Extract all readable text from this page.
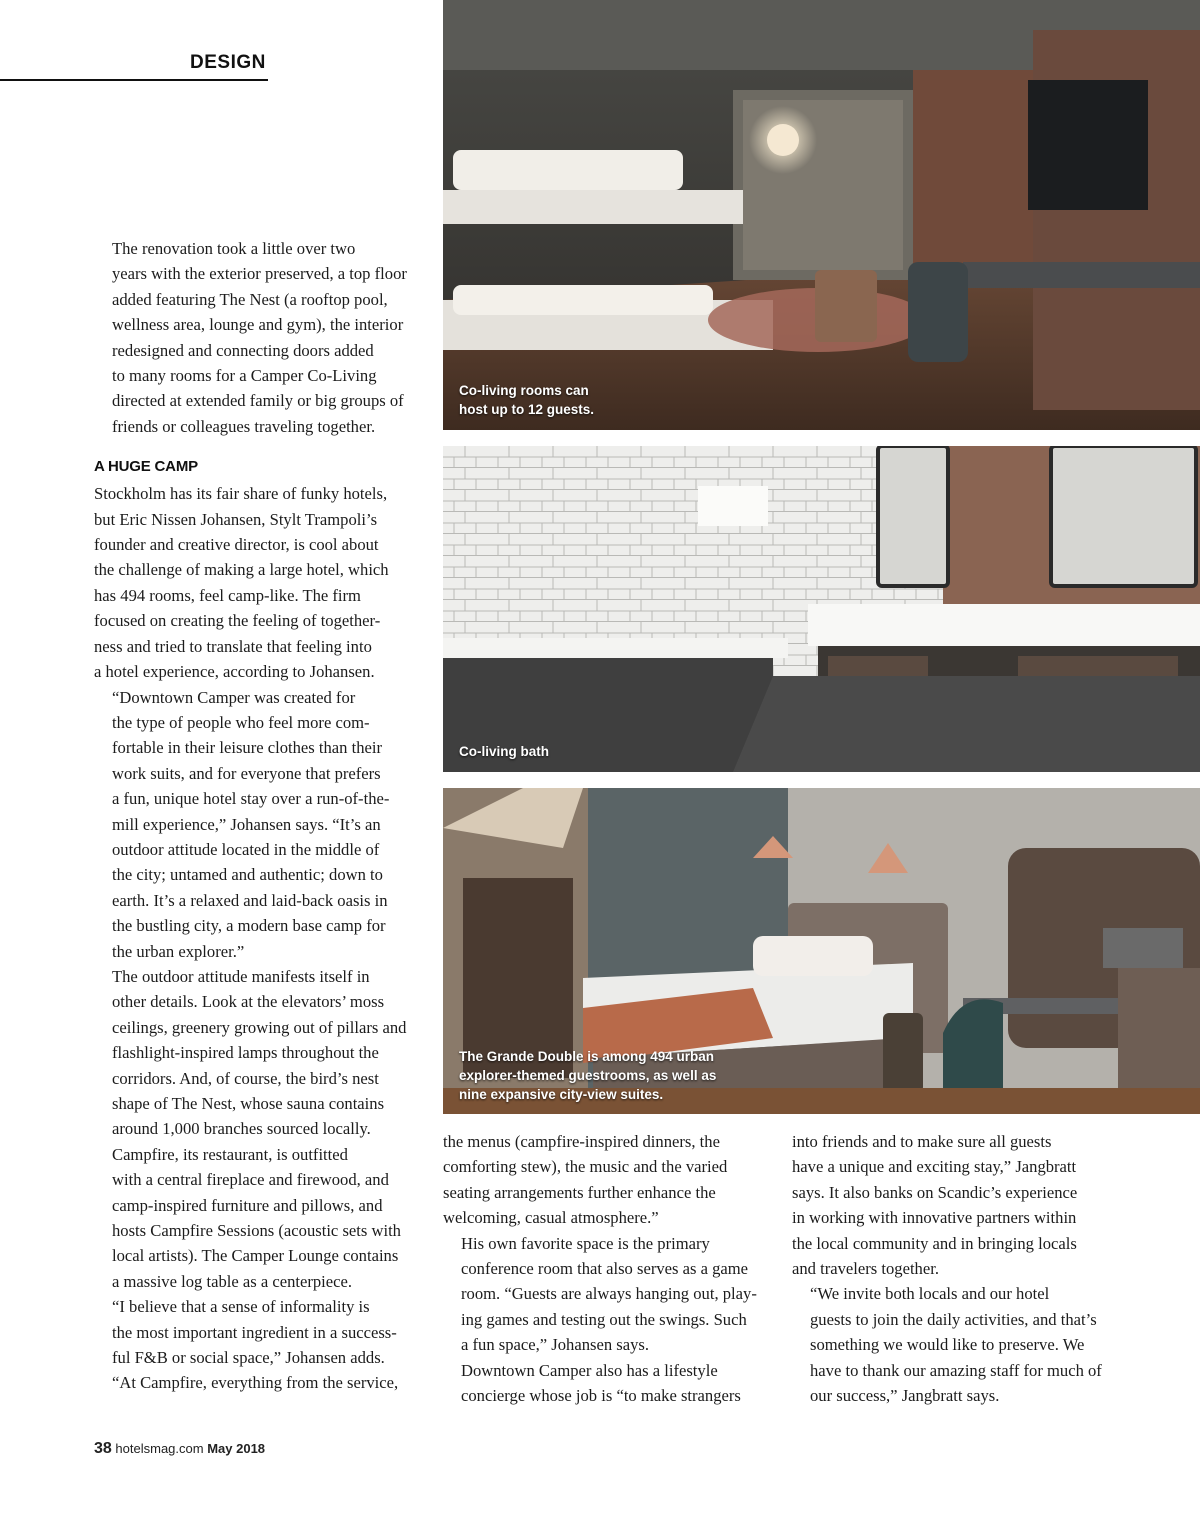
DESIGN

The renovation took a little over two
years with the exterior preserved, a top floor
added featuring The Nest (a rooftop pool,
wellness area, lounge and gym), the interior
redesigned and connecting doors added
to many rooms for a Camper Co-Living
directed at extended family or big groups of
friends or colleagues traveling together.

A HUGE CAMP

Stockholm has its fair share of funky hotels,
but Eric Nissen Johansen, Stylt Trampoli’s
founder and creative director, is cool about
the challenge of making a large hotel, which
has 494 rooms, feel camp-like. The firm
focused on creating the feeling of together-
ness and tried to translate that feeling into
a hotel experience, according to Johansen.

“Downtown Camper was created for
the type of people who feel more com-
fortable in their leisure clothes than their
work suits, and for everyone that prefers
a fun, unique hotel stay over a run-of-the-
mill experience,” Johansen says. “It’s an
outdoor attitude located in the middle of
the city; untamed and authentic; down to
earth. It’s a relaxed and laid-back oasis in
the bustling city, a modern base camp for
the urban explorer.”

The outdoor attitude manifests itself in
other details. Look at the elevators’ moss
ceilings, greenery growing out of pillars and
flashlight-inspired lamps throughout the
corridors. And, of course, the bird’s nest
shape of The Nest, whose sauna contains
around 1,000 branches sourced locally.

Campfire, its restaurant, is outfitted
with a central fireplace and firewood, and
camp-inspired furniture and pillows, and
hosts Campfire Sessions (acoustic sets with
local artists). The Camper Lounge contains
a massive log table as a centerpiece.

“I believe that a sense of informality is
the most important ingredient in a success-
ful F&B or social space,” Johansen adds.
“At Campfire, everything from the service,

the menus (campfire-inspired dinners, the
comforting stew), the music and the varied
seating arrangements further enhance the
welcoming, casual atmosphere.”

His own favorite space is the primary
conference room that also serves as a game
room. “Guests are always hanging out, play-
ing games and testing out the swings. Such
a fun space,” Johansen says.

Downtown Camper also has a lifestyle
concierge whose job is “to make strangers

into friends and to make sure all guests
have a unique and exciting stay,” Jangbratt
says. It also banks on Scandic’s experience
in working with innovative partners within
the local community and in bringing locals
and travelers together.

“We invite both locals and our hotel
guests to join the daily activities, and that’s
something we would like to preserve. We
have to thank our amazing staff for much of
our success,” Jangbratt says.

Co-living rooms can
host up to 12 guests.

Co-living bath

The Grande Double is among 494 urban
explorer-themed guestrooms, as well as
nine expansive city-view suites.

38 hotelsmag.com May 2018
